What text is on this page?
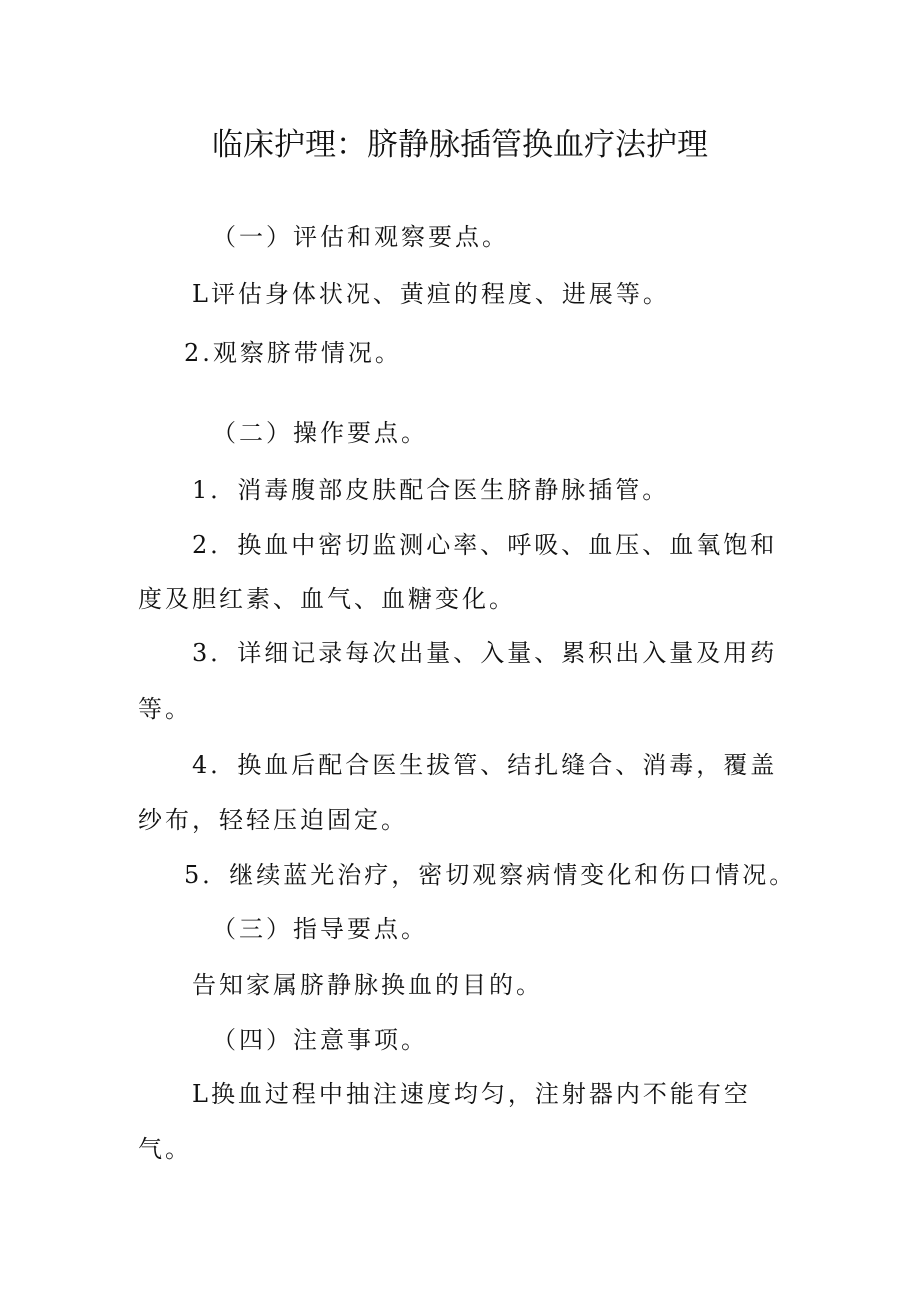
临床护理：脐静脉插管换血疗法护理
（一）评估和观察要点。
L评估身体状况、黄疸的程度、进展等。
2.观察脐带情况。
（二）操作要点。
1．消毒腹部皮肤配合医生脐静脉插管。
2．换血中密切监测心率、呼吸、血压、血氧饱和
度及胆红素、血气、血糖变化。
3．详细记录每次出量、入量、累积出入量及用药
等。
4．换血后配合医生拔管、结扎缝合、消毒，覆盖
纱布，轻轻压迫固定。
5．继续蓝光治疗，密切观察病情变化和伤口情况。
（三）指导要点。
告知家属脐静脉换血的目的。
（四）注意事项。
L换血过程中抽注速度均匀，注射器内不能有空
气。
